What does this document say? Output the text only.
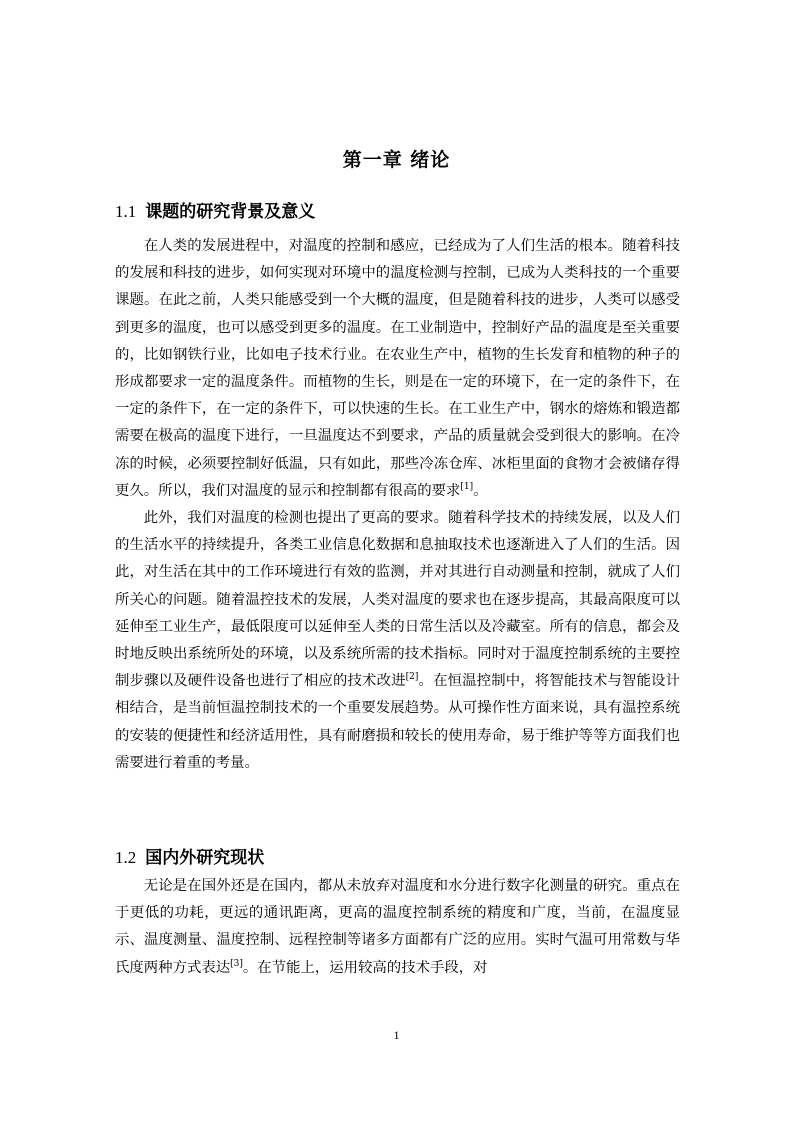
第一章 绪论
1.1 课题的研究背景及意义

在人类的发展进程中，对温度的控制和感应，已经成为了人们生活的根本。随着科技的发展和科技的进步，如何实现对环境中的温度检测与控制，已成为人类科技的一个重要课题。在此之前，人类只能感受到一个大概的温度，但是随着科技的进步，人类可以感受到更多的温度，也可以感受到更多的温度。在工业制造中，控制好产品的温度是至关重要的，比如钢铁行业，比如电子技术行业。在农业生产中，植物的生长发育和植物的种子的形成都要求一定的温度条件。而植物的生长，则是在一定的环境下，在一定的条件下，在一定的条件下，在一定的条件下，可以快速的生长。在工业生产中，钢水的熔炼和锻造都需要在极高的温度下进行，一旦温度达不到要求，产品的质量就会受到很大的影响。在冷冻的时候，必须要控制好低温，只有如此，那些冷冻仓库、冰柜里面的食物才会被储存得更久。所以，我们对温度的显示和控制都有很高的要求[1]。

此外，我们对温度的检测也提出了更高的要求。随着科学技术的持续发展，以及人们的生活水平的持续提升，各类工业信息化数据和息抽取技术也逐渐进入了人们的生活。因此，对生活在其中的工作环境进行有效的监测，并对其进行自动测量和控制，就成了人们所关心的问题。随着温控技术的发展，人类对温度的要求也在逐步提高，其最高限度可以延伸至工业生产，最低限度可以延伸至人类的日常生活以及冷藏室。所有的信息，都会及时地反映出系统所处的环境，以及系统所需的技术指标。同时对于温度控制系统的主要控制步骤以及硬件设备也进行了相应的技术改进[2]。在恒温控制中，将智能技术与智能设计相结合，是当前恒温控制技术的一个重要发展趋势。从可操作性方面来说，具有温控系统的安装的便捷性和经济适用性，具有耐磨损和较长的使用寿命，易于维护等等方面我们也需要进行着重的考量。

1.2 国内外研究现状

无论是在国外还是在国内，都从未放弃对温度和水分进行数字化测量的研究。重点在于更低的功耗，更远的通讯距离，更高的温度控制系统的精度和广度，当前，在温度显示、温度测量、温度控制、远程控制等诸多方面都有广泛的应用。实时气温可用常数与华氏度两种方式表达[3]。在节能上，运用较高的技术手段，对

1
